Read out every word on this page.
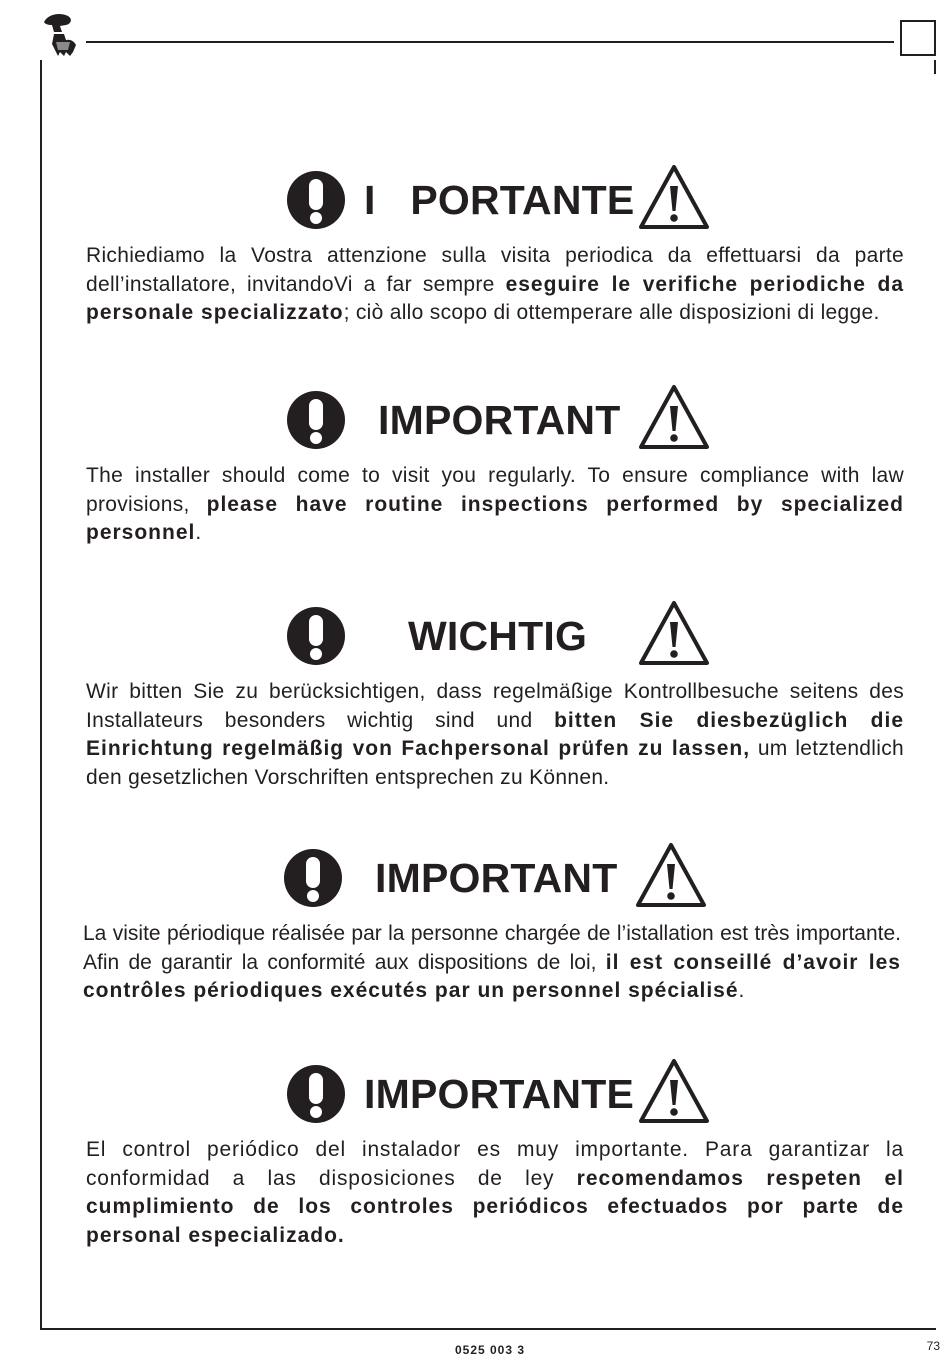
0525 003 3	73
I   PORTANTE

Richiediamo la Vostra attenzione sulla visita periodica da effettuarsi da parte dell’installatore, invitandoVi a far sempre eseguire le verifiche periodiche da personale specializzato; ciò allo scopo di ottemperare alle disposizioni di legge.

IMPORTANT

The installer should come to visit you regularly. To ensure compliance with law provisions, please have routine inspections performed by specialized personnel.

WICHTIG

Wir bitten Sie zu berücksichtigen, dass regelmäßige Kontrollbesuche seitens des Installateurs besonders wichtig sind und bitten Sie diesbezüglich die Einrichtung regelmäßig von Fachpersonal prüfen zu lassen, um letztendlich den gesetzlichen Vorschriften entsprechen zu Können.

IMPORTANT

La visite périodique réalisée par la personne chargée de l’istallation est très importante. Afin de garantir la conformité aux dispositions de loi, il est conseillé d’avoir les contrôles périodiques exécutés par un personnel spécialisé.

IMPORTANTE

El control periódico del instalador es muy importante. Para garantizar la conformidad a las disposiciones de ley recomendamos respeten el cumplimiento de los controles periódicos efectuados por parte de personal especializado.
